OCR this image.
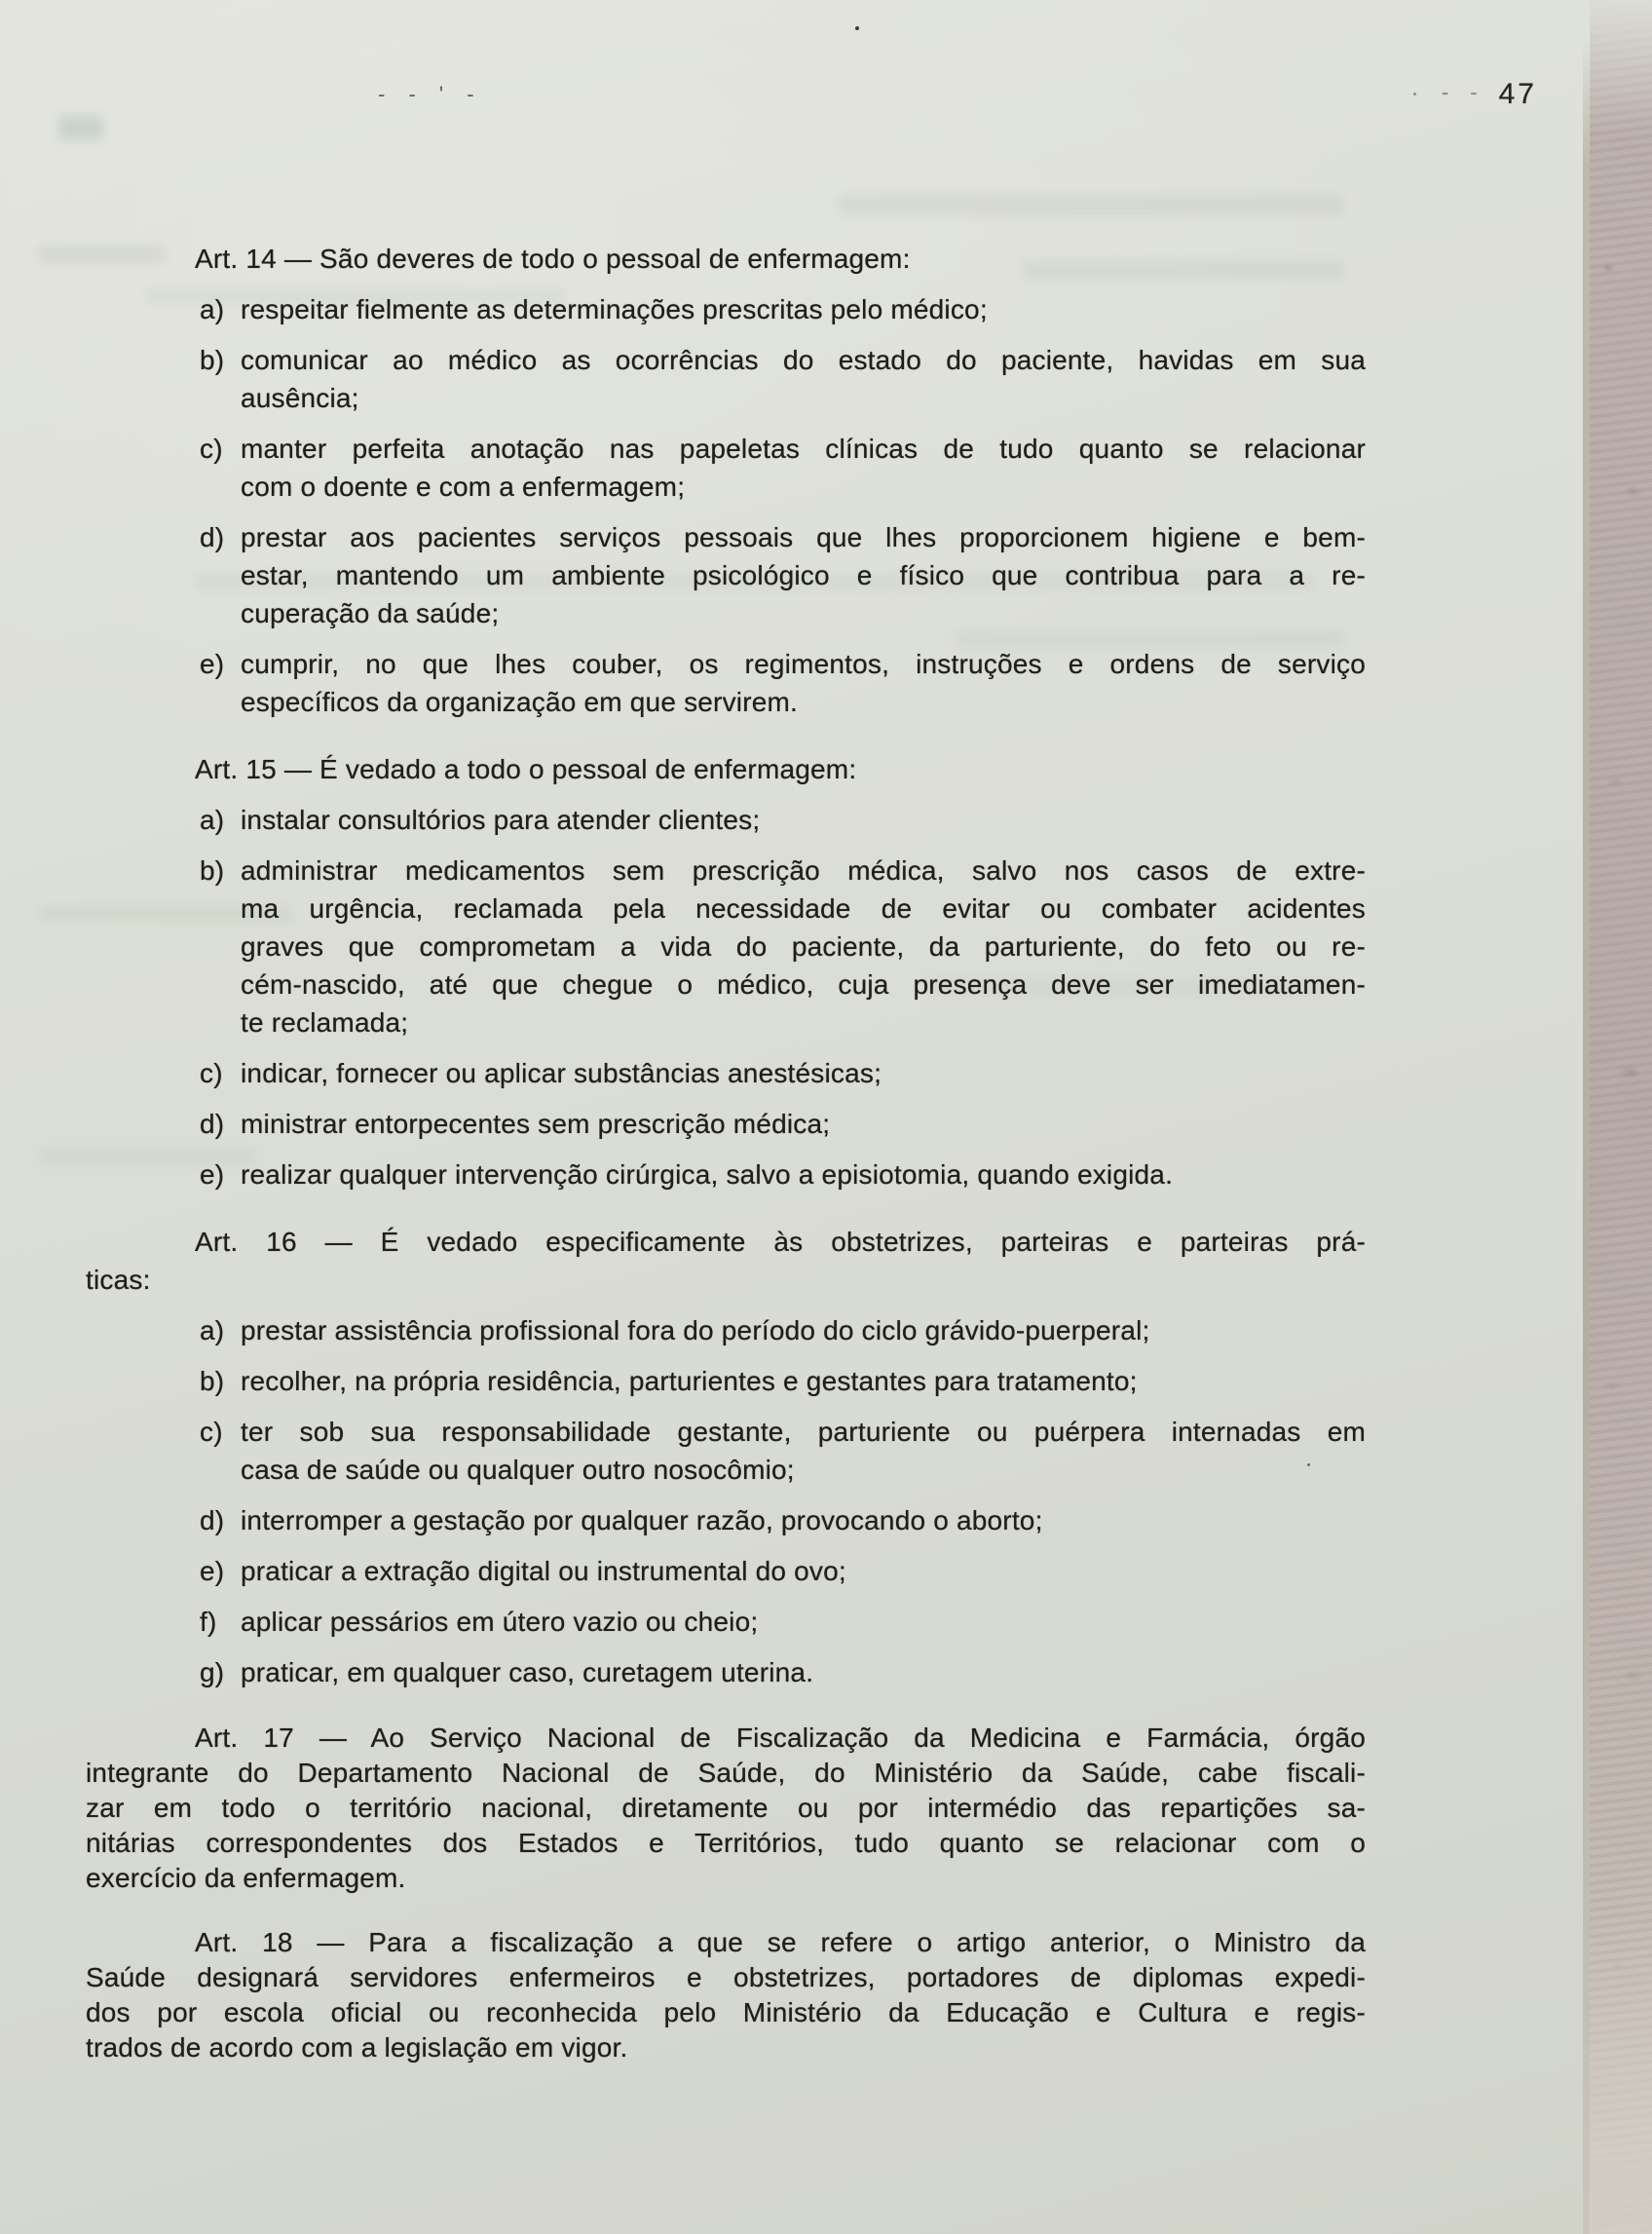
- - ' -	- - 47
Art. 14 — São deveres de todo o pessoal de enfermagem:
a) respeitar fielmente as determinações prescritas pelo médico;
b) comunicar ao médico as ocorrências do estado do paciente, havidas em sua
ausência;
c) manter perfeita anotação nas papeletas clínicas de tudo quanto se relacionar
com o doente e com a enfermagem;
d) prestar aos pacientes serviços pessoais que lhes proporcionem higiene e bem-
estar, mantendo um ambiente psicológico e físico que contribua para a re-
cuperação da saúde;
e) cumprir, no que lhes couber, os regimentos, instruções e ordens de serviço
específicos da organização em que servirem.
Art. 15 — É vedado a todo o pessoal de enfermagem:
a) instalar consultórios para atender clientes;
b) administrar medicamentos sem prescrição médica, salvo nos casos de extre-
ma urgência, reclamada pela necessidade de evitar ou combater acidentes
graves que comprometam a vida do paciente, da parturiente, do feto ou re-
cém-nascido, até que chegue o médico, cuja presença deve ser imediatamen-
te reclamada;
c) indicar, fornecer ou aplicar substâncias anestésicas;
d) ministrar entorpecentes sem prescrição médica;
e) realizar qualquer intervenção cirúrgica, salvo a episiotomia, quando exigida.
Art. 16 — É vedado especificamente às obstetrizes, parteiras e parteiras prá-
ticas:
a) prestar assistência profissional fora do período do ciclo grávido-puerperal;
b) recolher, na própria residência, parturientes e gestantes para tratamento;
c) ter sob sua responsabilidade gestante, parturiente ou puérpera internadas em
casa de saúde ou qualquer outro nosocômio;
d) interromper a gestação por qualquer razão, provocando o aborto;
e) praticar a extração digital ou instrumental do ovo;
f) aplicar pessários em útero vazio ou cheio;
g) praticar, em qualquer caso, curetagem uterina.
Art. 17 — Ao Serviço Nacional de Fiscalização da Medicina e Farmácia, órgão
integrante do Departamento Nacional de Saúde, do Ministério da Saúde, cabe fiscali-
zar em todo o território nacional, diretamente ou por intermédio das repartições sa-
nitárias correspondentes dos Estados e Territórios, tudo quanto se relacionar com o
exercício da enfermagem.
Art. 18 — Para a fiscalização a que se refere o artigo anterior, o Ministro da
Saúde designará servidores enfermeiros e obstetrizes, portadores de diplomas expedi-
dos por escola oficial ou reconhecida pelo Ministério da Educação e Cultura e regis-
trados de acordo com a legislação em vigor.
